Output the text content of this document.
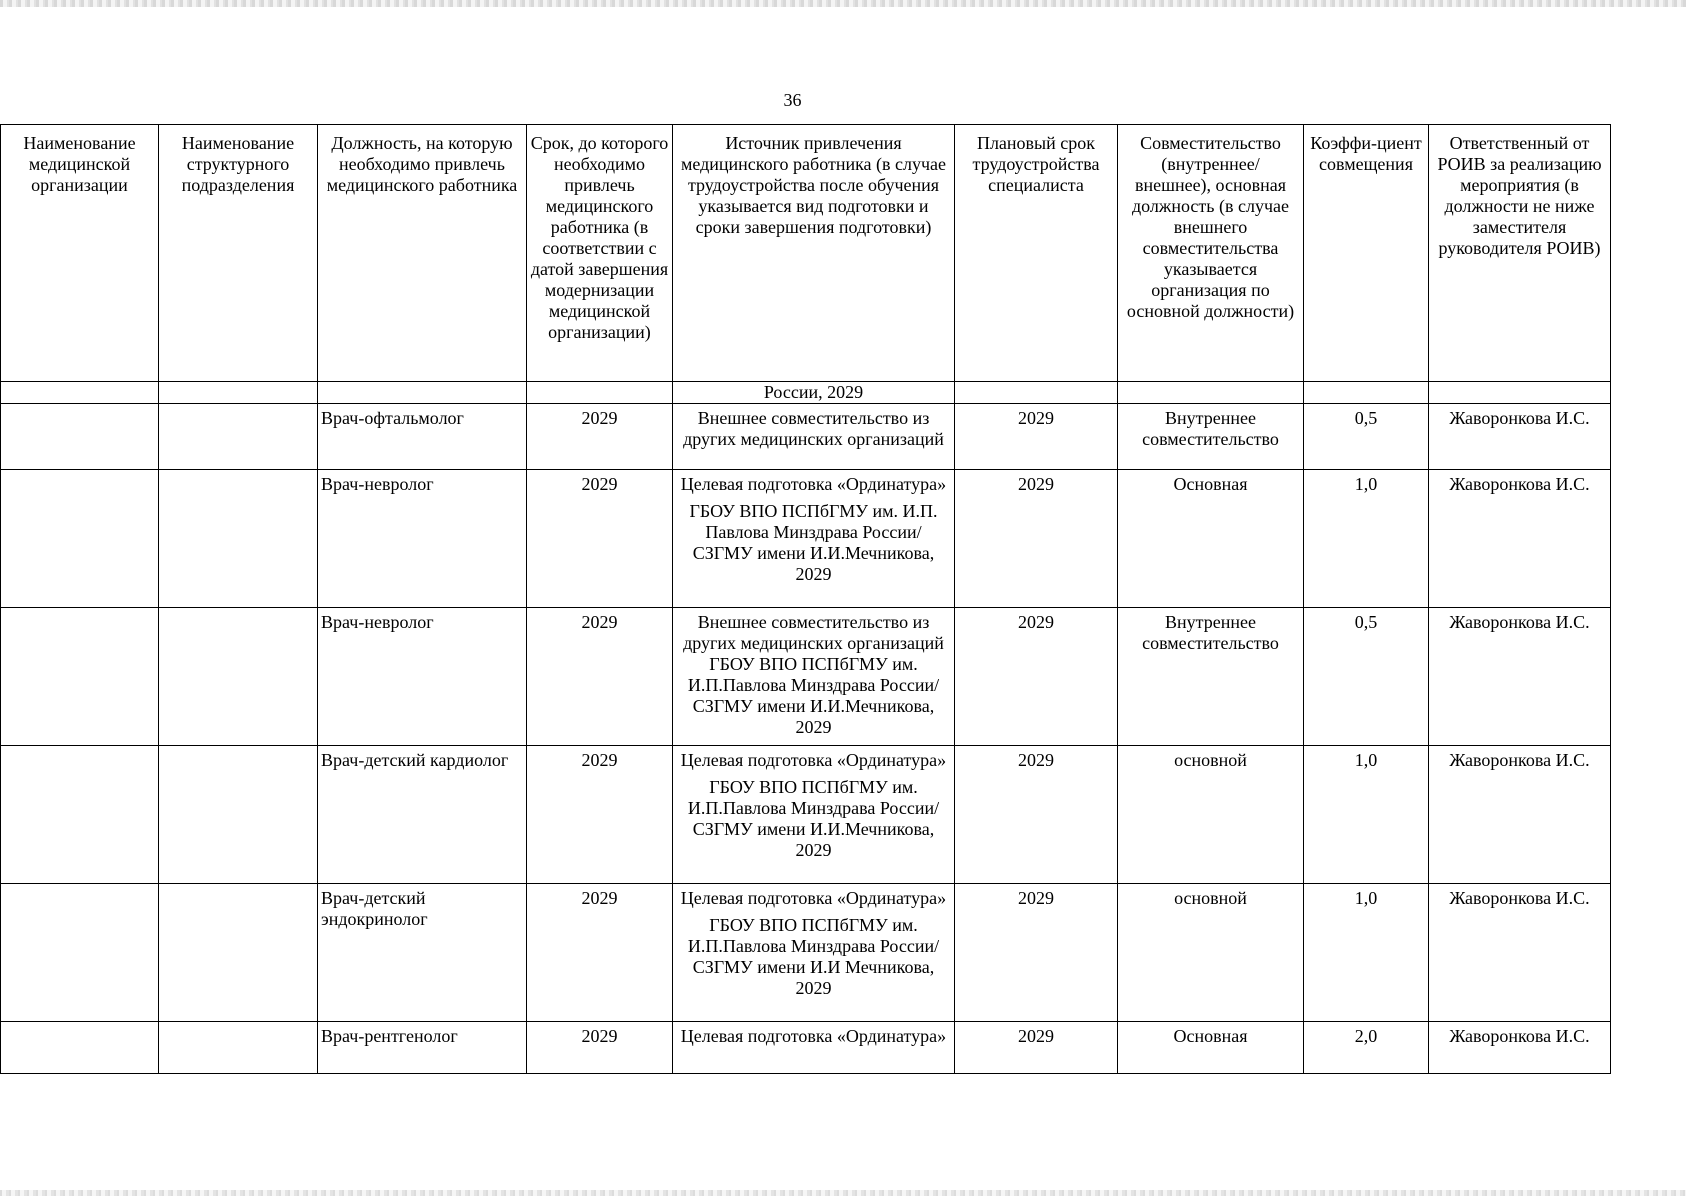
36
Наименование медицинской организации	Наименование структурного подразделения	Должность, на которую необходимо привлечь медицинского работника	Срок, до которого необходимо привлечь медицинского работника (в соответствии с датой завершения модернизации медицинской организации)	Источник привлечения медицинского работника (в случае трудоустройства после обучения указывается вид подготовки и сроки завершения подготовки)	Плановый срок трудоустройства специалиста	Совместительство (внутреннее/ внешнее), основная должность (в случае внешнего совместительства указывается организация по основной должности)	Коэффи-циент совмещения	Ответственный от РОИВ за реализацию мероприятия (в должности не ниже заместителя руководителя РОИВ)
				России, 2029				
		Врач-офтальмолог	2029	Внешнее совместительство из других медицинских организаций	2029	Внутреннее совместительство	0,5	Жаворонкова И.С.
		Врач-невролог	2029	Целевая подготовка «Ординатура»
ГБОУ ВПО ПСПбГМУ им. И.П. Павлова Минздрава России/ СЗГМУ имени И.И.Мечникова, 2029	2029	Основная	1,0	Жаворонкова И.С.
		Врач-невролог	2029	Внешнее совместительство из других медицинских организаций
ГБОУ ВПО ПСПбГМУ им. И.П.Павлова Минздрава России/ СЗГМУ имени И.И.Мечникова, 2029	2029	Внутреннее совместительство	0,5	Жаворонкова И.С.
		Врач-детский кардиолог	2029	Целевая подготовка «Ординатура»
ГБОУ ВПО ПСПбГМУ им. И.П.Павлова Минздрава России/ СЗГМУ имени И.И.Мечникова, 2029	2029	основной	1,0	Жаворонкова И.С.
		Врач-детский эндокринолог	2029	Целевая подготовка «Ординатура»
ГБОУ ВПО ПСПбГМУ им. И.П.Павлова Минздрава России/ СЗГМУ имени И.И Мечникова, 2029	2029	основной	1,0	Жаворонкова И.С.
		Врач-рентгенолог	2029	Целевая подготовка «Ординатура»	2029	Основная	2,0	Жаворонкова И.С.
